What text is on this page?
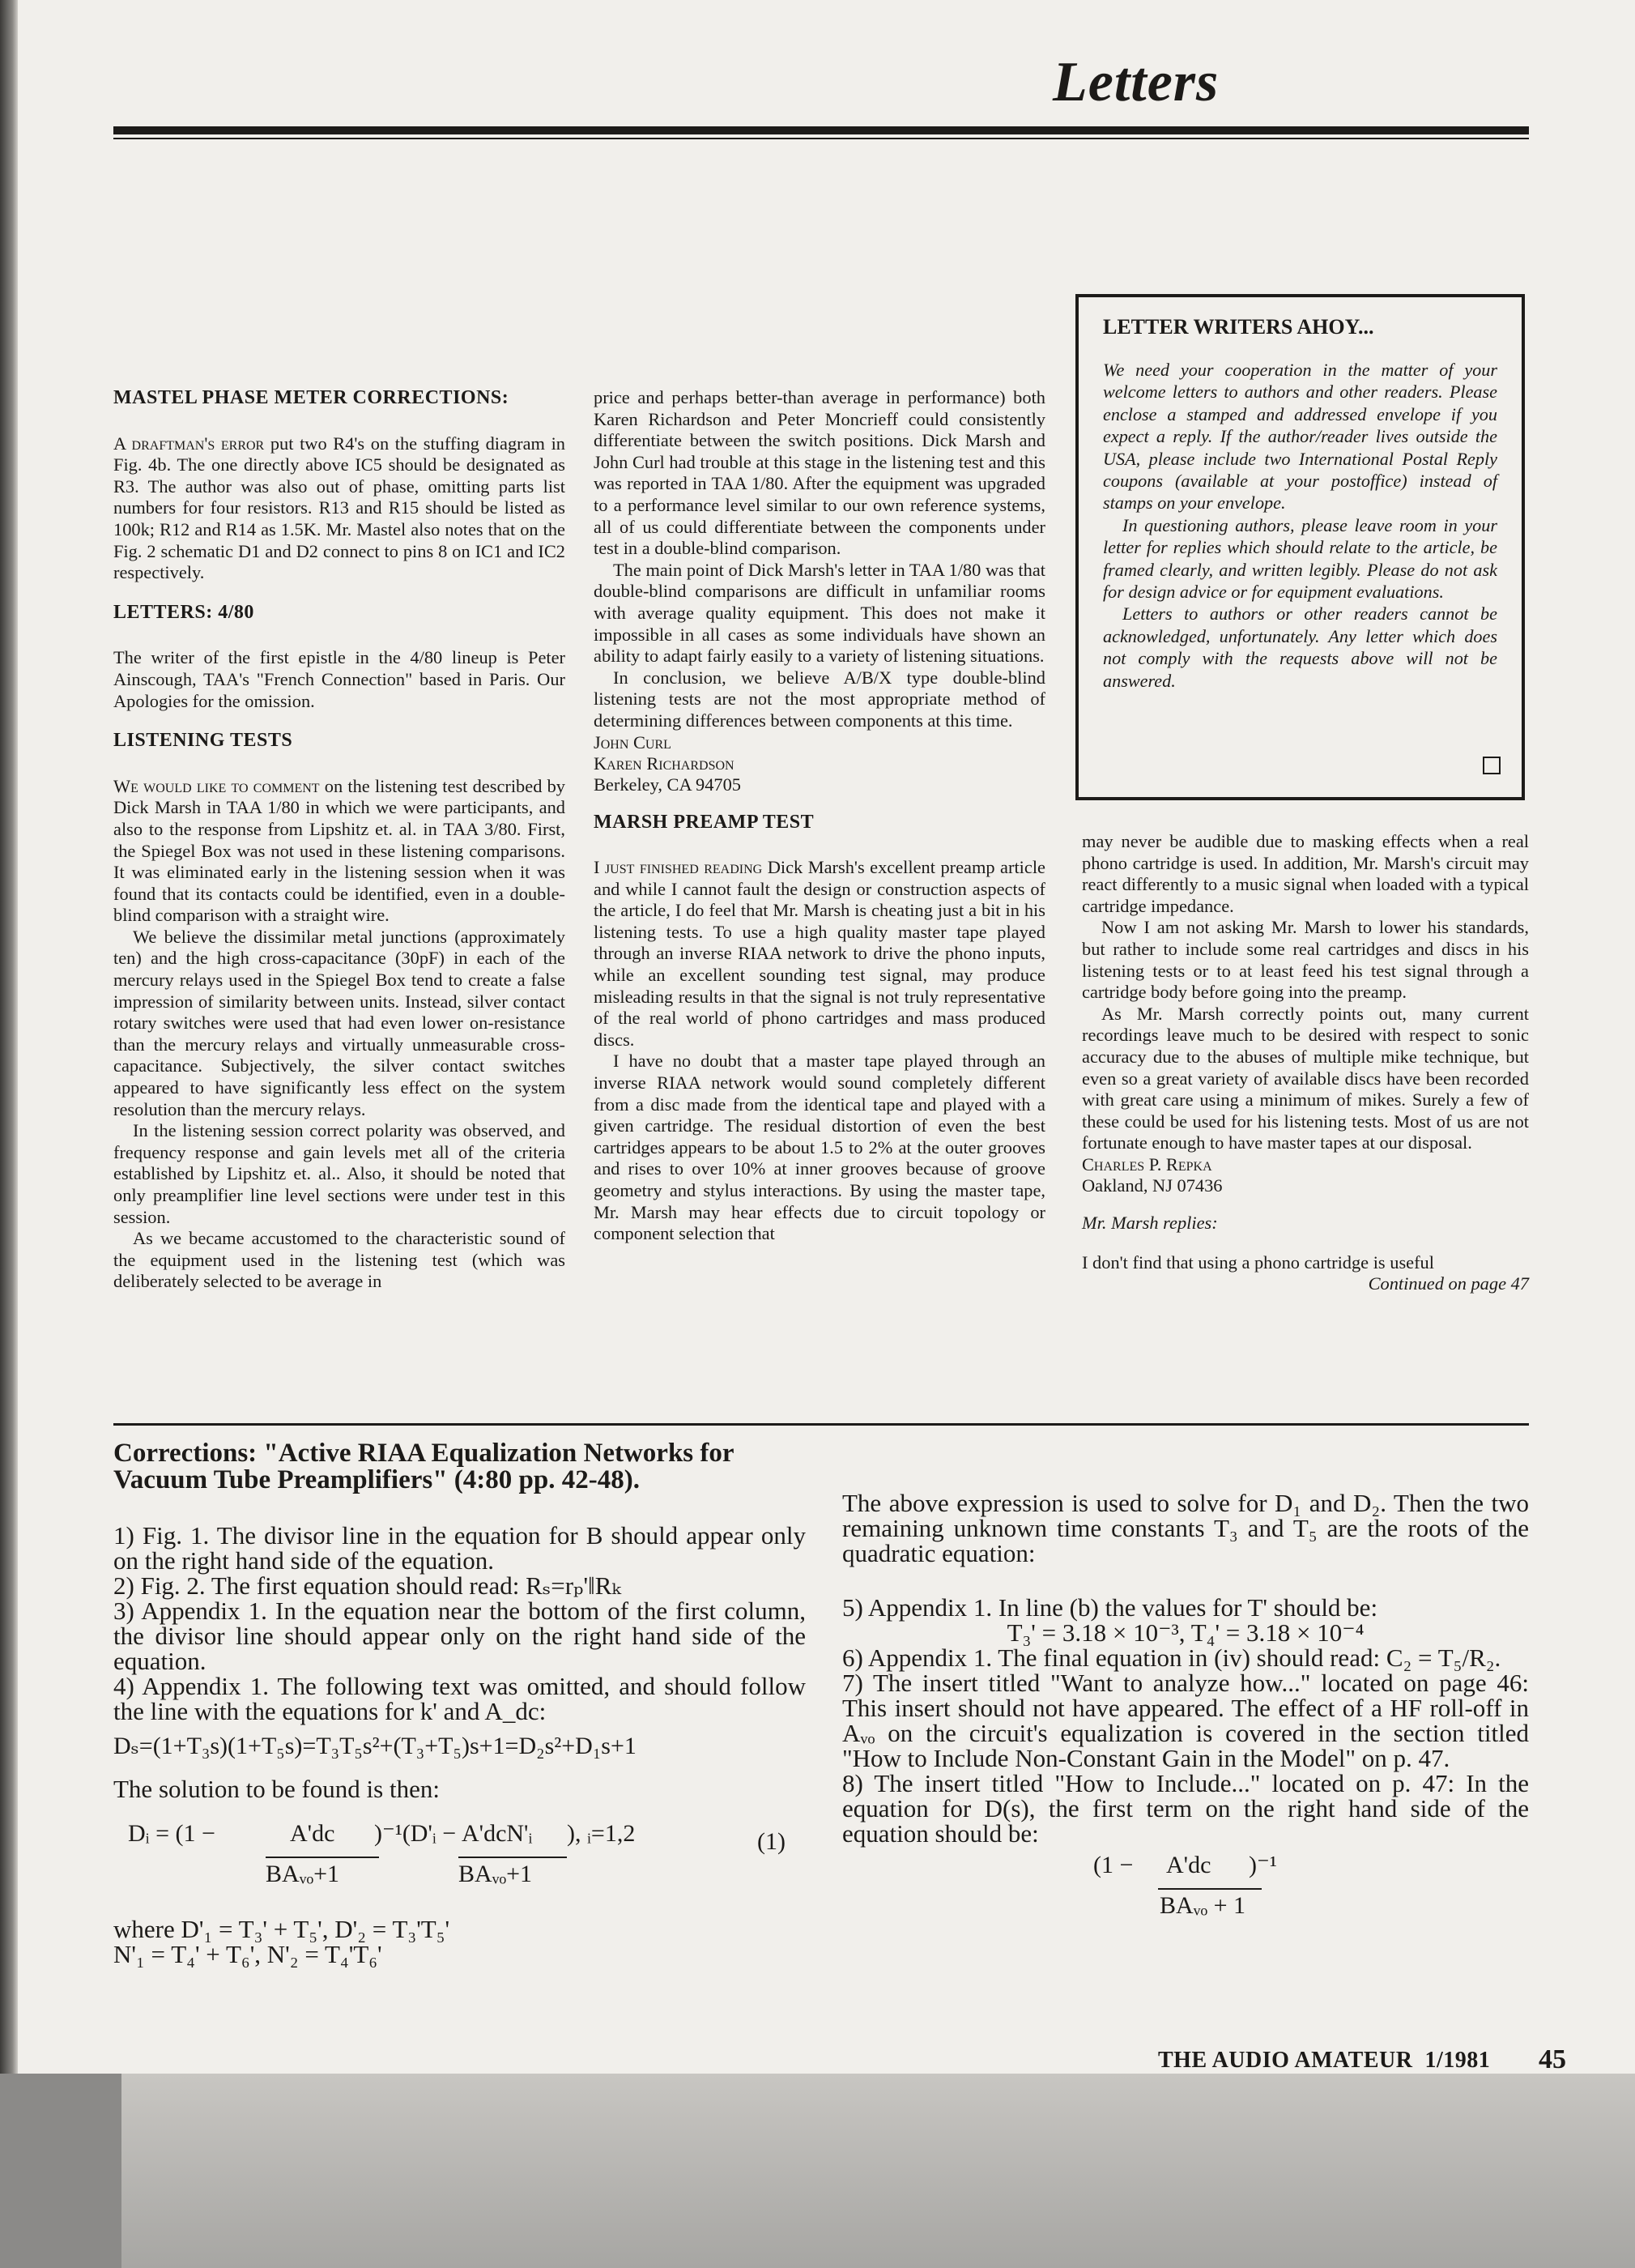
Letters

MASTEL PHASE METER CORRECTIONS:

A draftman's error put two R4's on the stuffing diagram in Fig. 4b. The one directly above IC5 should be designated as R3. The author was also out of phase, omitting parts list numbers for four resistors. R13 and R15 should be listed as 100k; R12 and R14 as 1.5K. Mr. Mastel also notes that on the Fig. 2 schematic D1 and D2 connect to pins 8 on IC1 and IC2 respectively.

LETTERS: 4/80

The writer of the first epistle in the 4/80 lineup is Peter Ainscough, TAA's "French Connection" based in Paris. Our Apologies for the omission.

LISTENING TESTS

We would like to comment on the listening test described by Dick Marsh in TAA 1/80 in which we were participants, and also to the response from Lipshitz et. al. in TAA 3/80. First, the Spiegel Box was not used in these listening comparisons. It was eliminated early in the listening session when it was found that its contacts could be identified, even in a double-blind comparison with a straight wire.

We believe the dissimilar metal junctions (approximately ten) and the high cross-capacitance (30pF) in each of the mercury relays used in the Spiegel Box tend to create a false impression of similarity between units. Instead, silver contact rotary switches were used that had even lower on-resistance than the mercury relays and virtually unmeasurable cross-capacitance. Subjectively, the silver contact switches appeared to have significantly less effect on the system resolution than the mercury relays.

In the listening session correct polarity was observed, and frequency response and gain levels met all of the criteria established by Lipshitz et. al.. Also, it should be noted that only preamplifier line level sections were under test in this session.

As we became accustomed to the characteristic sound of the equipment used in the listening test (which was deliberately selected to be average in

price and perhaps better-than average in performance) both Karen Richardson and Peter Moncrieff could consistently differentiate between the switch positions. Dick Marsh and John Curl had trouble at this stage in the listening test and this was reported in TAA 1/80. After the equipment was upgraded to a performance level similar to our own reference systems, all of us could differentiate between the components under test in a double-blind comparison.

The main point of Dick Marsh's letter in TAA 1/80 was that double-blind comparisons are difficult in unfamiliar rooms with average quality equipment. This does not make it impossible in all cases as some individuals have shown an ability to adapt fairly easily to a variety of listening situations.

In conclusion, we believe A/B/X type double-blind listening tests are not the most appropriate method of determining differences between components at this time.

John Curl

Karen Richardson

Berkeley, CA 94705

MARSH PREAMP TEST

I just finished reading Dick Marsh's excellent preamp article and while I cannot fault the design or construction aspects of the article, I do feel that Mr. Marsh is cheating just a bit in his listening tests. To use a high quality master tape played through an inverse RIAA network to drive the phono inputs, while an excellent sounding test signal, may produce misleading results in that the signal is not truly representative of the real world of phono cartridges and mass produced discs.

I have no doubt that a master tape played through an inverse RIAA network would sound completely different from a disc made from the identical tape and played with a given cartridge. The residual distortion of even the best cartridges appears to be about 1.5 to 2% at the outer grooves and rises to over 10% at inner grooves because of groove geometry and stylus interactions. By using the master tape, Mr. Marsh may hear effects due to circuit topology or component selection that

LETTER WRITERS AHOY...

We need your cooperation in the matter of your welcome letters to authors and other readers. Please enclose a stamped and addressed envelope if you expect a reply. If the author/reader lives outside the USA, please include two International Postal Reply coupons (available at your postoffice) instead of stamps on your envelope.

In questioning authors, please leave room in your letter for replies which should relate to the article, be framed clearly, and written legibly. Please do not ask for design advice or for equipment evaluations.

Letters to authors or other readers cannot be acknowledged, unfortunately. Any letter which does not comply with the requests above will not be answered.

may never be audible due to masking effects when a real phono cartridge is used. In addition, Mr. Marsh's circuit may react differently to a music signal when loaded with a typical cartridge impedance.

Now I am not asking Mr. Marsh to lower his standards, but rather to include some real cartridges and discs in his listening tests or to at least feed his test signal through a cartridge body before going into the preamp.

As Mr. Marsh correctly points out, many current recordings leave much to be desired with respect to sonic accuracy due to the abuses of multiple mike technique, but even so a great variety of available discs have been recorded with great care using a minimum of mikes. Surely a few of these could be used for his listening tests. Most of us are not fortunate enough to have master tapes at our disposal.

Charles P. Repka

Oakland, NJ 07436

Mr. Marsh replies:

I don't find that using a phono cartridge is useful

Continued on page 47

Corrections: "Active RIAA Equalization Networks for Vacuum Tube Preamplifiers" (4:80 pp. 42-48).

1) Fig. 1. The divisor line in the equation for B should appear only on the right hand side of the equation.

2) Fig. 2. The first equation should read: Rₛ=rₚ'‖Rₖ

3) Appendix 1. In the equation near the bottom of the first column, the divisor line should appear only on the right hand side of the equation.

4) Appendix 1. The following text was omitted, and should follow the line with the equations for k' and A_dc:

Dₛ=(1+T₃s)(1+T₅s)=T₃T₅s²+(T₃+T₅)s+1=D₂s²+D₁s+1

The solution to be found is then:

Dᵢ = (1 −	A'dc )⁻¹(D'ᵢ − A'dcN'ᵢ ), ᵢ=1,2	(1)
BAᵥₒ+1	BAᵥₒ+1

where D'₁ = T₃' + T₅', D'₂ = T₃'T₅'

N'₁ = T₄' + T₆', N'₂ = T₄'T₆'

The above expression is used to solve for D₁ and D₂. Then the two remaining unknown time constants T₃ and T₅ are the roots of the quadratic equation:

5) Appendix 1. In line (b) the values for T' should be:

T₃' = 3.18 × 10⁻³, T₄' = 3.18 × 10⁻⁴

6) Appendix 1. The final equation in (iv) should read: C₂ = T₅/R₂.

7) The insert titled "Want to analyze how..." located on page 46: This insert should not have appeared. The effect of a HF roll-off in Aᵥₒ on the circuit's equalization is covered in the section titled "How to Include Non-Constant Gain in the Model" on p. 47.

8) The insert titled "How to Include..." located on p. 47: In the equation for D(s), the first term on the right hand side of the equation should be:

(1 − A'dc )⁻¹
BAᵥₒ + 1
THE AUDIO AMATEUR 1/1981 45
